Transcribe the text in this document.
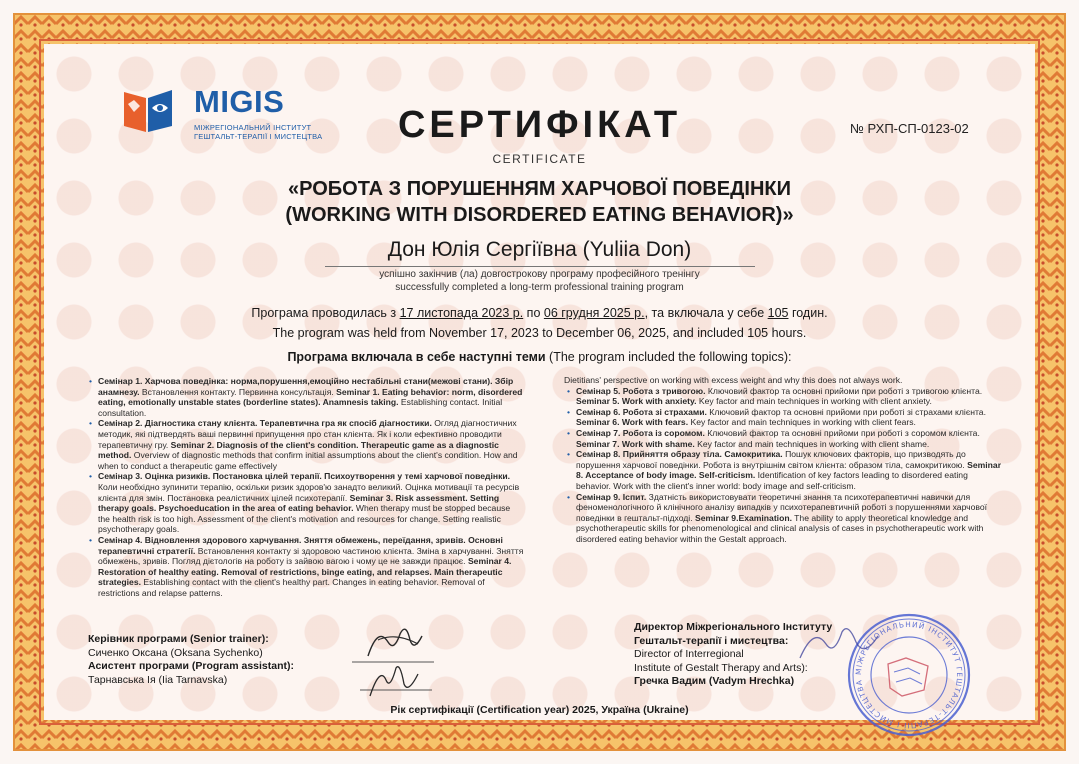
MIGIS
МІЖРЕГІОНАЛЬНИЙ ІНСТИТУТ
ГЕШТАЛЬТ-ТЕРАПІЇ І МИСТЕЦТВА	СЕРТИФІКАТ
CERTIFICATE
№ РХП-СП-0123-02
«РОБОТА З ПОРУШЕННЯМ ХАРЧОВОЇ ПОВЕДІНКИ
(WORKING WITH DISORDERED EATING BEHAVIOR)»
Дон Юлія Сергіївна (Yuliia Don)
успішно закінчив (ла) довгострокову програму професійного тренінгу
successfully completed a long-term professional training program
Програма проводилась з 17 листопада 2023 р. по 06 грудня 2025 р., та включала у себе 105 годин.
The program was held from November 17, 2023 to December 06, 2025, and included 105 hours.
Програма включала в себе наступні теми (The program included the following topics):
• Семінар 1. Харчова поведінка: норма,порушення,емоційно нестабільні стани(межові стани). Збір анамнезу. Встановлення контакту. Первинна консультація. Seminar 1. Eating behavior: norm, disordered eating, emotionally unstable states (borderline states). Anamnesis taking. Establishing contact. Initial consultation.
• Семінар 2. Діагностика стану клієнта. Терапевтична гра як спосіб діагностики. Огляд діагностичних методик, які підтвердять ваші первинні припущення про стан клієнта. Як і коли ефективно проводити терапевтичну гру. Seminar 2. Diagnosis of the client's condition. Therapeutic game as a diagnostic method. Overview of diagnostic methods that confirm initial assumptions about the client's condition. How and when to conduct a therapeutic game effectively
• Семінар 3. Оцінка ризиків. Постановка цілей терапії. Психоутворення у темі харчової поведінки. Коли необхідно зупинити терапію, оскільки ризик здоров'ю занадто великий. Оцінка мотивації та ресурсів клієнта для змін. Постановка реалістичних цілей психотерапії. Seminar 3. Risk assessment. Setting therapy goals. Psychoeducation in the area of eating behavior. When therapy must be stopped because the health risk is too high. Assessment of the client's motivation and resources for change. Setting realistic psychotherapy goals.
• Семінар 4. Відновлення здорового харчування. Зняття обмежень, переїдання, зривів. Основні терапевтичні стратегії. Встановлення контакту зі здоровою частиною клієнта. Зміна в харчуванні. Зняття обмежень, зривів. Погляд дієтологів на роботу із зайвою вагою і чому це не завжди працює. Seminar 4. Restoration of healthy eating. Removal of restrictions, binge eating, and relapses. Main therapeutic strategies. Establishing contact with the client's healthy part. Changes in eating behavior. Removal of restrictions and relapse patterns.
Dietitians' perspective on working with excess weight and why this does not always work.
• Семінар 5. Робота з тривогою. Ключовий фактор та основні прийоми при роботі з тривогою клієнта. Seminar 5. Work with anxiety. Key factor and main techniques in working with client anxiety.
• Семінар 6. Робота зі страхами. Ключовий фактор та основні прийоми при роботі зі страхами клієнта. Seminar 6. Work with fears. Key factor and main techniques in working with client fears.
• Семінар 7. Робота із соромом. Ключовий фактор та основні прийоми при роботі з соромом клієнта. Seminar 7. Work with shame. Key factor and main techniques in working with client shame.
• Семінар 8. Прийняття образу тіла. Самокритика. Пошук ключових факторів, що призводять до порушення харчової поведінки. Робота із внутрішнім світом клієнта: образом тіла, самокритикою. Seminar 8. Acceptance of body image. Self-criticism. Identification of key factors leading to disordered eating behavior. Work with the client's inner world: body image and self-criticism.
• Семінар 9. Іспит. Здатність використовувати теоретичні знання та психотерапевтичні навички для феноменологічного й клінічного аналізу випадків у психотерапевтичній роботі з порушеннями харчової поведінки в гештальт-підході. Seminar 9.Examination. The ability to apply theoretical knowledge and psychotherapeutic skills for phenomenological and clinical analysis of cases in psychotherapeutic work with disordered eating behavior within the Gestalt approach.
Керівник програми (Senior trainer):
Сиченко Оксана (Oksana Sychenko)
Асистент програми (Program assistant):
Тарнавська Ія (Iia Tarnavska)
Директор Міжрегіонального Інституту
Гештальт-терапії і мистецтва:
Director of Interregional
Institute of Gestalt Therapy and Arts):
Гречка Вадим (Vadym Hrechka)
МІЖРЕГІОНАЛЬНИЙ ІНСТИТУТ ГЕШТАЛЬТ-ТЕРАПІЇ І МИСТЕЦТВА
Рік сертифікації (Certification year) 2025, Україна (Ukraine)
